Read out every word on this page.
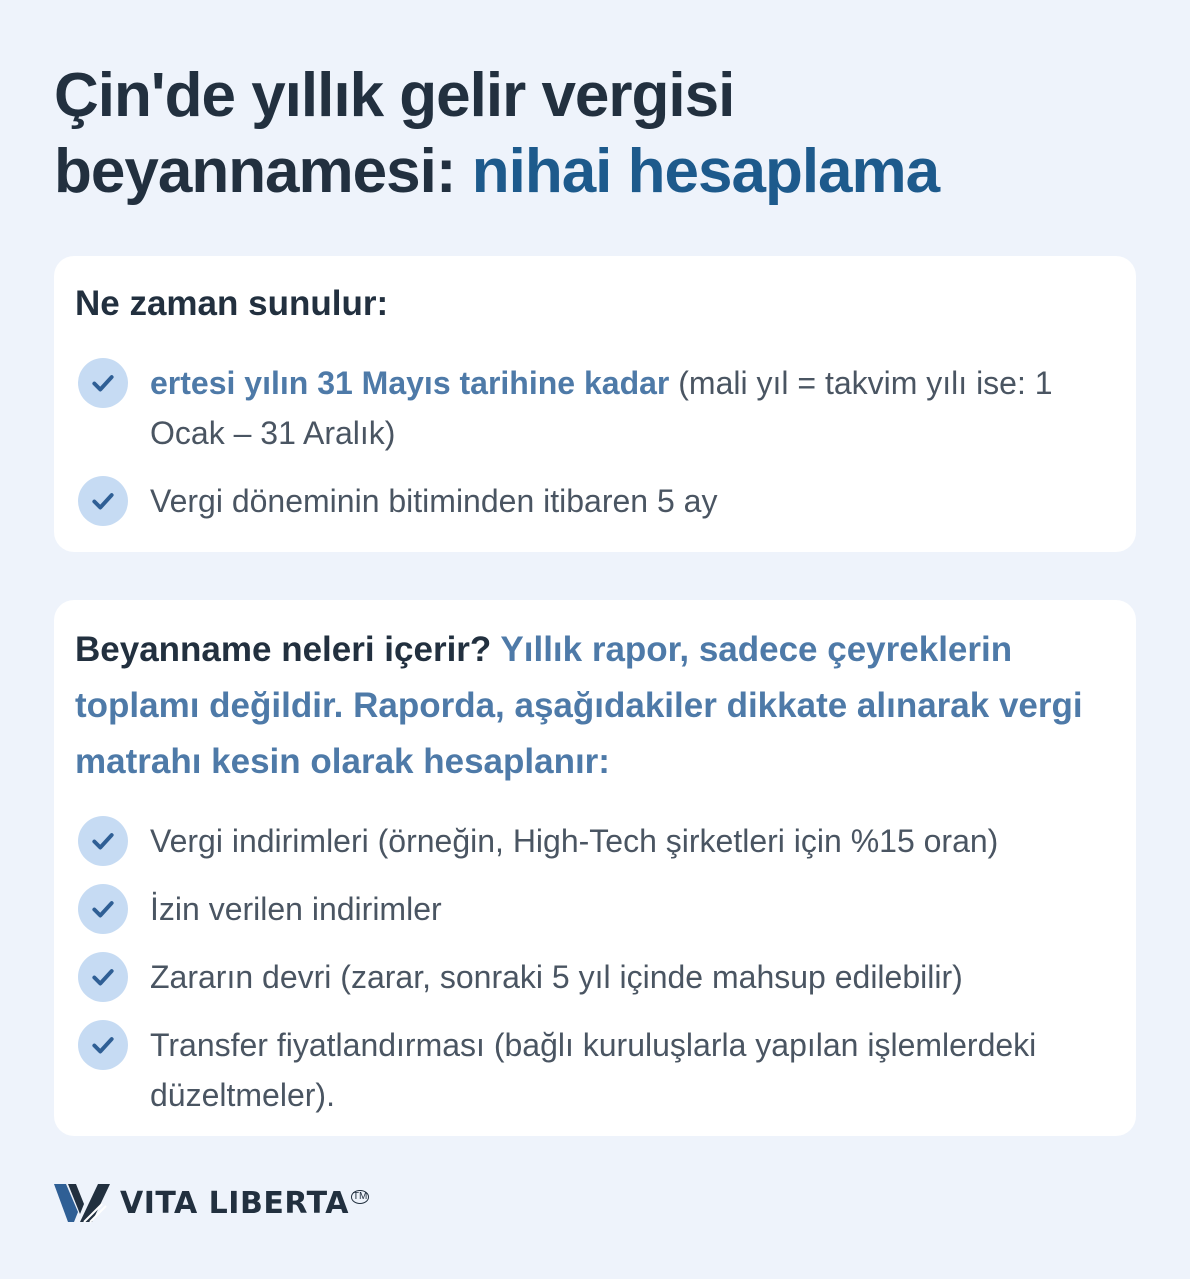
Çin'de yıllık gelir vergisi
beyannamesi: nihai hesaplama
Ne zaman sunulur:
ertesi yılın 31 Mayıs tarihine kadar (mali yıl = takvim yılı ise: 1 Ocak – 31 Aralık)
Vergi döneminin bitiminden itibaren 5 ay
Beyanname neleri içerir? Yıllık rapor, sadece çeyreklerin toplamı değildir. Raporda, aşağıdakiler dikkate alınarak vergi matrahı kesin olarak hesaplanır:
Vergi indirimleri (örneğin, High-Tech şirketleri için %15 oran)
İzin verilen indirimler
Zararın devri (zarar, sonraki 5 yıl içinde mahsup edilebilir)
Transfer fiyatlandırması (bağlı kuruluşlarla yapılan işlemlerdeki düzeltmeler).
VITA LIBERTA TM
